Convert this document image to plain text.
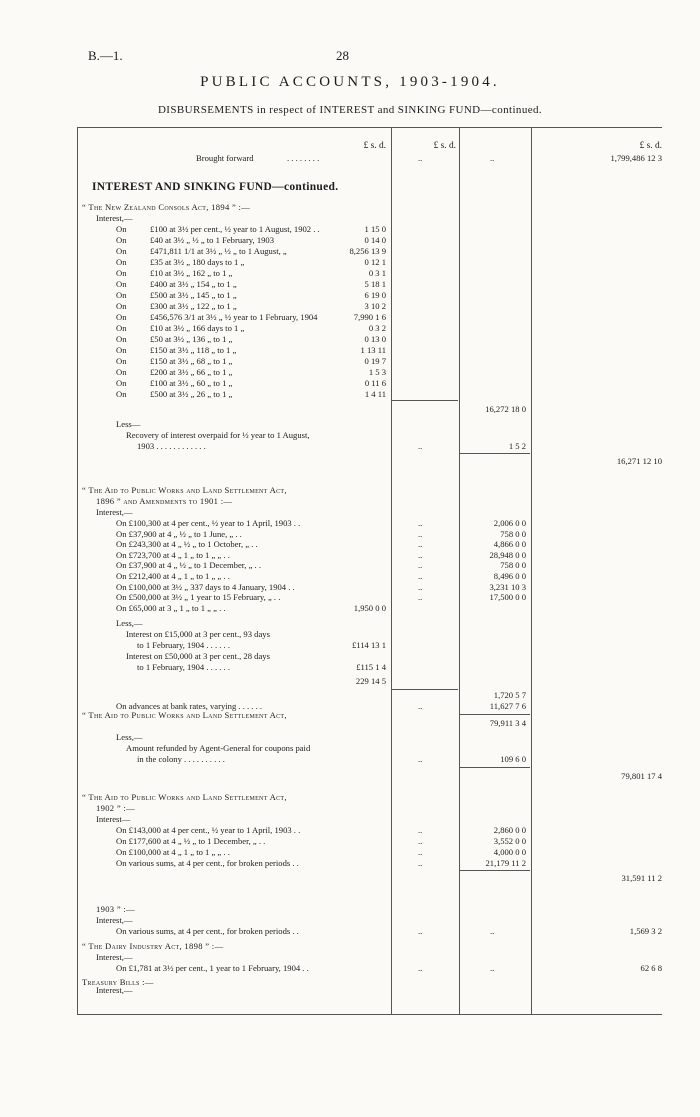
B.—1.	28
PUBLIC ACCOUNTS, 1903-1904.
DISBURSEMENTS in respect of INTEREST and SINKING FUND—continued.
£ s. d.	£ s. d.	£ s. d.
Brought forward	. . . . . . . .	..	..	1,799,486 12 3
INTEREST AND SINKING FUND—continued.
“ The New Zealand Consols Act, 1894 ” :—
Interest,—
On	£100 at 3½ per cent., ½ year to 1 August, 1902 . .	1 15 0
On	£40 at 3½ „ ½ „ to 1 February, 1903	0 14 0
On	£471,811 1/1 at 3½ „ ½ „ to 1 August, „	8,256 13 9
On	£35 at 3½ „ 180 days to 1 „	0 12 1
On	£10 at 3½ „ 162 „ to 1 „	0 3 1
On	£400 at 3½ „ 154 „ to 1 „	5 18 1
On	£500 at 3½ „ 145 „ to 1 „	6 19 0
On	£300 at 3½ „ 122 „ to 1 „	3 10 2
On	£456,576 3/1 at 3½ „ ½ year to 1 February, 1904	7,990 1 6
On	£10 at 3½ „ 166 days to 1 „	0 3 2
On	£50 at 3½ „ 136 „ to 1 „	0 13 0
On	£150 at 3½ „ 118 „ to 1 „	1 13 11
On	£150 at 3½ „ 68 „ to 1 „	0 19 7
On	£200 at 3½ „ 66 „ to 1 „	1 5 3
On	£100 at 3½ „ 60 „ to 1 „	0 11 6
On	£500 at 3½ „ 26 „ to 1 „	1 4 11
16,272 18 0
Less—
Recovery of interest overpaid for ½ year to 1 August,
1903 . . . . . . . . . . . .	..	1 5 2
16,271 12 10
“ The Aid to Public Works and Land Settlement Act,
1896 ” and Amendments to 1901 :—
Interest,—
On £100,300 at 4 per cent., ½ year to 1 April, 1903 . .	..	2,006 0 0
On £37,900 at 4 „ ½ „ to 1 June, „ . .	..	758 0 0
On £243,300 at 4 „ ½ „ to 1 October, „ . .	..	4,866 0 0
On £723,700 at 4 „ 1 „ to 1 „ „ . .	..	28,948 0 0
On £37,900 at 4 „ ½ „ to 1 December, „ . .	..	758 0 0
On £212,400 at 4 „ 1 „ to 1 „ „ . .	..	8,496 0 0
On £100,000 at 3½ „ 337 days to 4 January, 1904 . .	..	3,231 10 3
On £500,000 at 3½ „ 1 year to 15 February, „ . .	..	17,500 0 0
On £65,000 at 3 „ 1 „ to 1 „ „ . .	1,950 0 0
Less,—
Interest on £15,000 at 3 per cent., 93 days
to 1 February, 1904 . . . . . .	£114 13 1
Interest on £50,000 at 3 per cent., 28 days
to 1 February, 1904 . . . . . .	£115 1 4
229 14 5
1,720 5 7
On advances at bank rates, varying . . . . . .	..	11,627 7 6
79,911 3 4
Less,—
Amount refunded by Agent-General for coupons paid
in the colony . . . . . . . . . .	..	109 6 0
79,801 17 4
“ The Aid to Public Works and Land Settlement Act,
1902 ” :—
Interest—
On £143,000 at 4 per cent., ½ year to 1 April, 1903 . .	..	2,860 0 0
On £177,600 at 4 „ ½ „ to 1 December, „ . .	..	3,552 0 0
On £100,000 at 4 „ 1 „ to 1 „ „ . .	..	4,000 0 0
On various sums, at 4 per cent., for broken periods . .	..	21,179 11 2
31,591 11 2
“ The Aid to Public Works and Land Settlement Act,
1903 ” :—
Interest,—
On various sums, at 4 per cent., for broken periods . .	..	..	1,569 3 2
“ The Dairy Industry Act, 1898 ” :—
Interest,—
On £1,781 at 3½ per cent., 1 year to 1 February, 1904 . .	..	..	62 6 8
Treasury Bills :—
Interest,—
